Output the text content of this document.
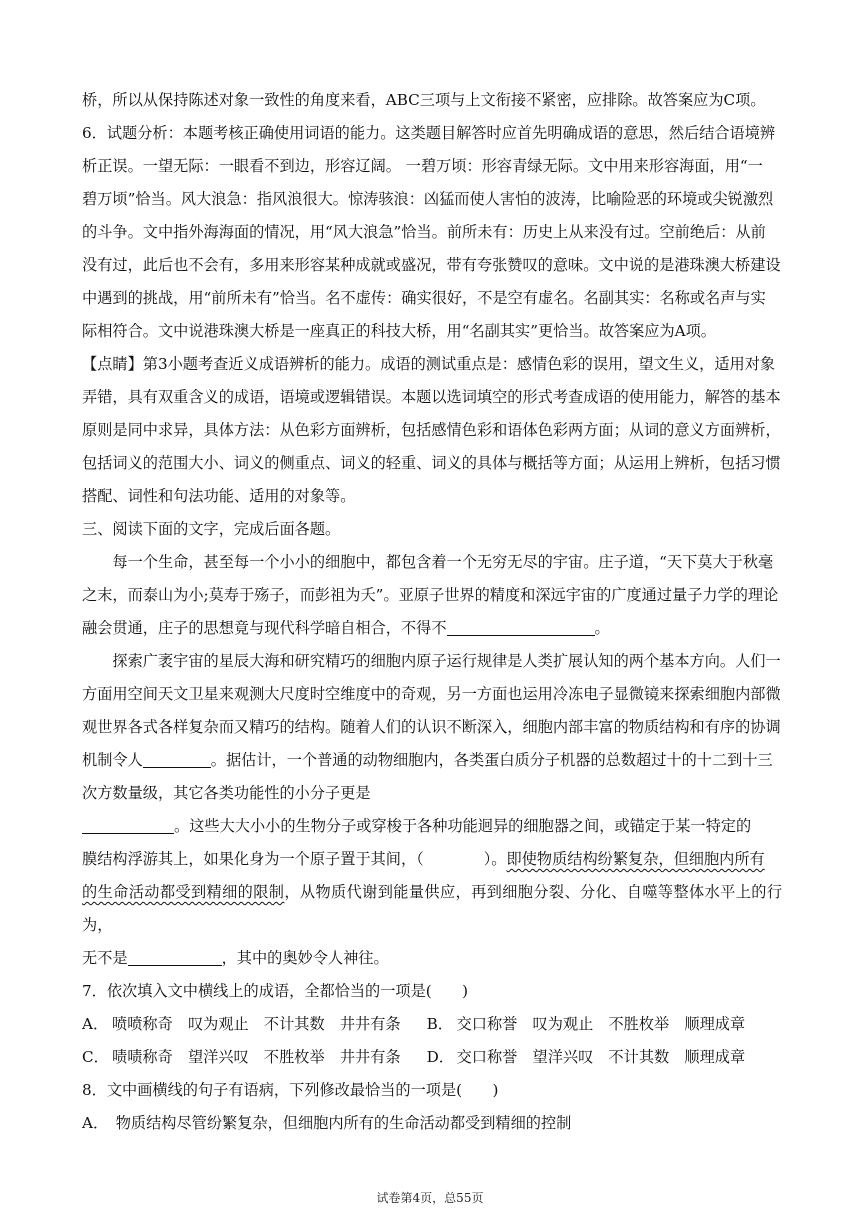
桥，所以从保持陈述对象一致性的角度来看，ABC三项与上文衔接不紧密，应排除。故答案应为C项。

6．试题分析：本题考核正确使用词语的能力。这类题目解答时应首先明确成语的意思，然后结合语境辨

析正误。一望无际：一眼看不到边，形容辽阔。 一碧万顷：形容青绿无际。文中用来形容海面，用“一

碧万顷”恰当。风大浪急：指风浪很大。惊涛骇浪：凶猛而使人害怕的波涛，比喻险恶的环境或尖锐激烈

的斗争。文中指外海海面的情况，用“风大浪急”恰当。前所未有：历史上从来没有过。空前绝后：从前

没有过，此后也不会有，多用来形容某种成就或盛况，带有夸张赞叹的意味。文中说的是港珠澳大桥建设

中遇到的挑战，用“前所未有”恰当。名不虚传：确实很好，不是空有虚名。名副其实：名称或名声与实

际相符合。文中说港珠澳大桥是一座真正的科技大桥，用“名副其实”更恰当。故答案应为A项。

【点睛】第3小题考查近义成语辨析的能力。成语的测试重点是：感情色彩的误用，望文生义，适用对象

弄错，具有双重含义的成语，语境或逻辑错误。本题以选词填空的形式考查成语的使用能力，解答的基本

原则是同中求异，具体方法：从色彩方面辨析，包括感情色彩和语体色彩两方面；从词的意义方面辨析，

包括词义的范围大小、词义的侧重点、词义的轻重、词义的具体与概括等方面；从运用上辨析，包括习惯

搭配、词性和句法功能、适用的对象等。

三、阅读下面的文字，完成后面各题。

每一个生命，甚至每一个小小的细胞中，都包含着一个无穷无尽的宇宙。庄子道，“天下莫大于秋毫

之末，而泰山为小;莫寿于殇子，而彭祖为夭”。亚原子世界的精度和深远宇宙的广度通过量子力学的理论

融会贯通，庄子的思想竟与现代科学暗自相合，不得不	。

探索广袤宇宙的星辰大海和研究精巧的细胞内原子运行规律是人类扩展认知的两个基本方向。人们一

方面用空间天文卫星来观测大尺度时空维度中的奇观，另一方面也运用冷冻电子显微镜来探索细胞内部微

观世界各式各样复杂而又精巧的结构。随着人们的认识不断深入，细胞内部丰富的物质结构和有序的协调

机制令人	。据估计，一个普通的动物细胞内，各类蛋白质分子机器的总数超过十的十二到十三

次方数量级，其它各类功能性的小分子更是

。这些大大小小的生物分子或穿梭于各种功能迥异的细胞器之间，或锚定于某一特定的

膜结构浮游其上，如果化身为一个原子置于其间，（	）。即使物质结构纷繁复杂，但细胞内所有

的生命活动都受到精细的限制，从物质代谢到能量供应，再到细胞分裂、分化、自噬等整体水平上的行为，

无不是	，其中的奥妙令人神往。

7．依次填入文中横线上的成语，全都恰当的一项是(　　)

A． 喷喷称奇　叹为观止　不计其数　井井有条 B． 交口称誉　叹为观止　不胜枚举　顺理成章
C． 啧啧称奇　望洋兴叹　不胜枚举　井井有条 D． 交口称誉　望洋兴叹　不计其数　顺理成章

8．文中画横线的句子有语病，下列修改最恰当的一项是(　　)

A．　物质结构尽管纷繁复杂，但细胞内所有的生命活动都受到精细的控制

试卷第4页，总55页
